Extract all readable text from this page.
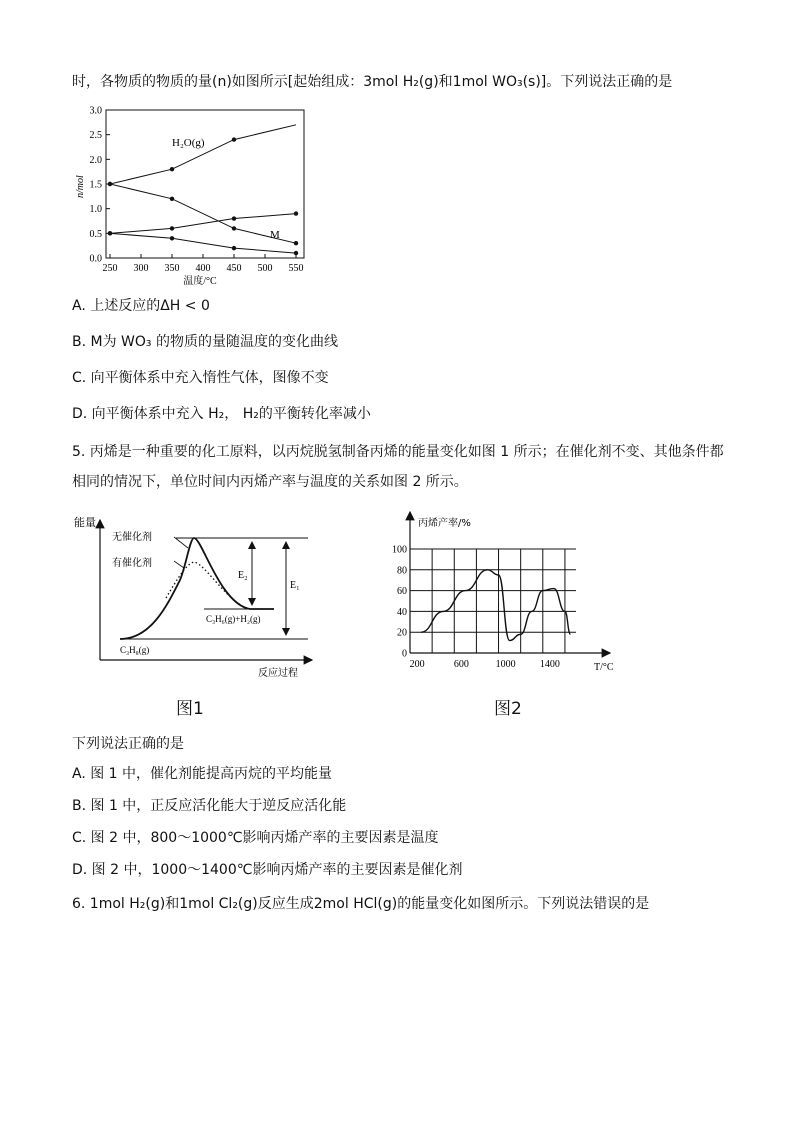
时，各物质的物质的量(n)如图所示[起始组成：3mol H₂(g)和1mol WO₃(s)]。下列说法正确的是
0.0
0.5
1.0
1.5
2.0
2.5
3.0
250 300 350 400 450 500 550
H₂O(g)
M
n/mol
温度/°C
A. 上述反应的ΔH < 0
B. M为 WO₃ 的物质的量随温度的变化曲线
C. 向平衡体系中充入惰性气体，图像不变
D. 向平衡体系中充入 H₂， H₂的平衡转化率减小
5. 丙烯是一种重要的化工原料，以丙烷脱氢制备丙烯的能量变化如图 1 所示；在催化剂不变、其他条件都
相同的情况下，单位时间内丙烯产率与温度的关系如图 2 所示。
能量
反应过程
无催化剂
有催化剂
E₂
E₁
C₃H₈(g)
C₃H₆(g)+H₂(g)
图1
0
20
40
60
80
100
200	600	1000 1400
丙烯产率/%
T/°C
图2
下列说法正确的是
A. 图 1 中，催化剂能提高丙烷的平均能量
B. 图 1 中，正反应活化能大于逆反应活化能
C. 图 2 中，800～1000℃影响丙烯产率的主要因素是温度
D. 图 2 中，1000～1400℃影响丙烯产率的主要因素是催化剂
6. 1mol H₂(g)和1mol Cl₂(g)反应生成2mol HCl(g)的能量变化如图所示。下列说法错误的是
